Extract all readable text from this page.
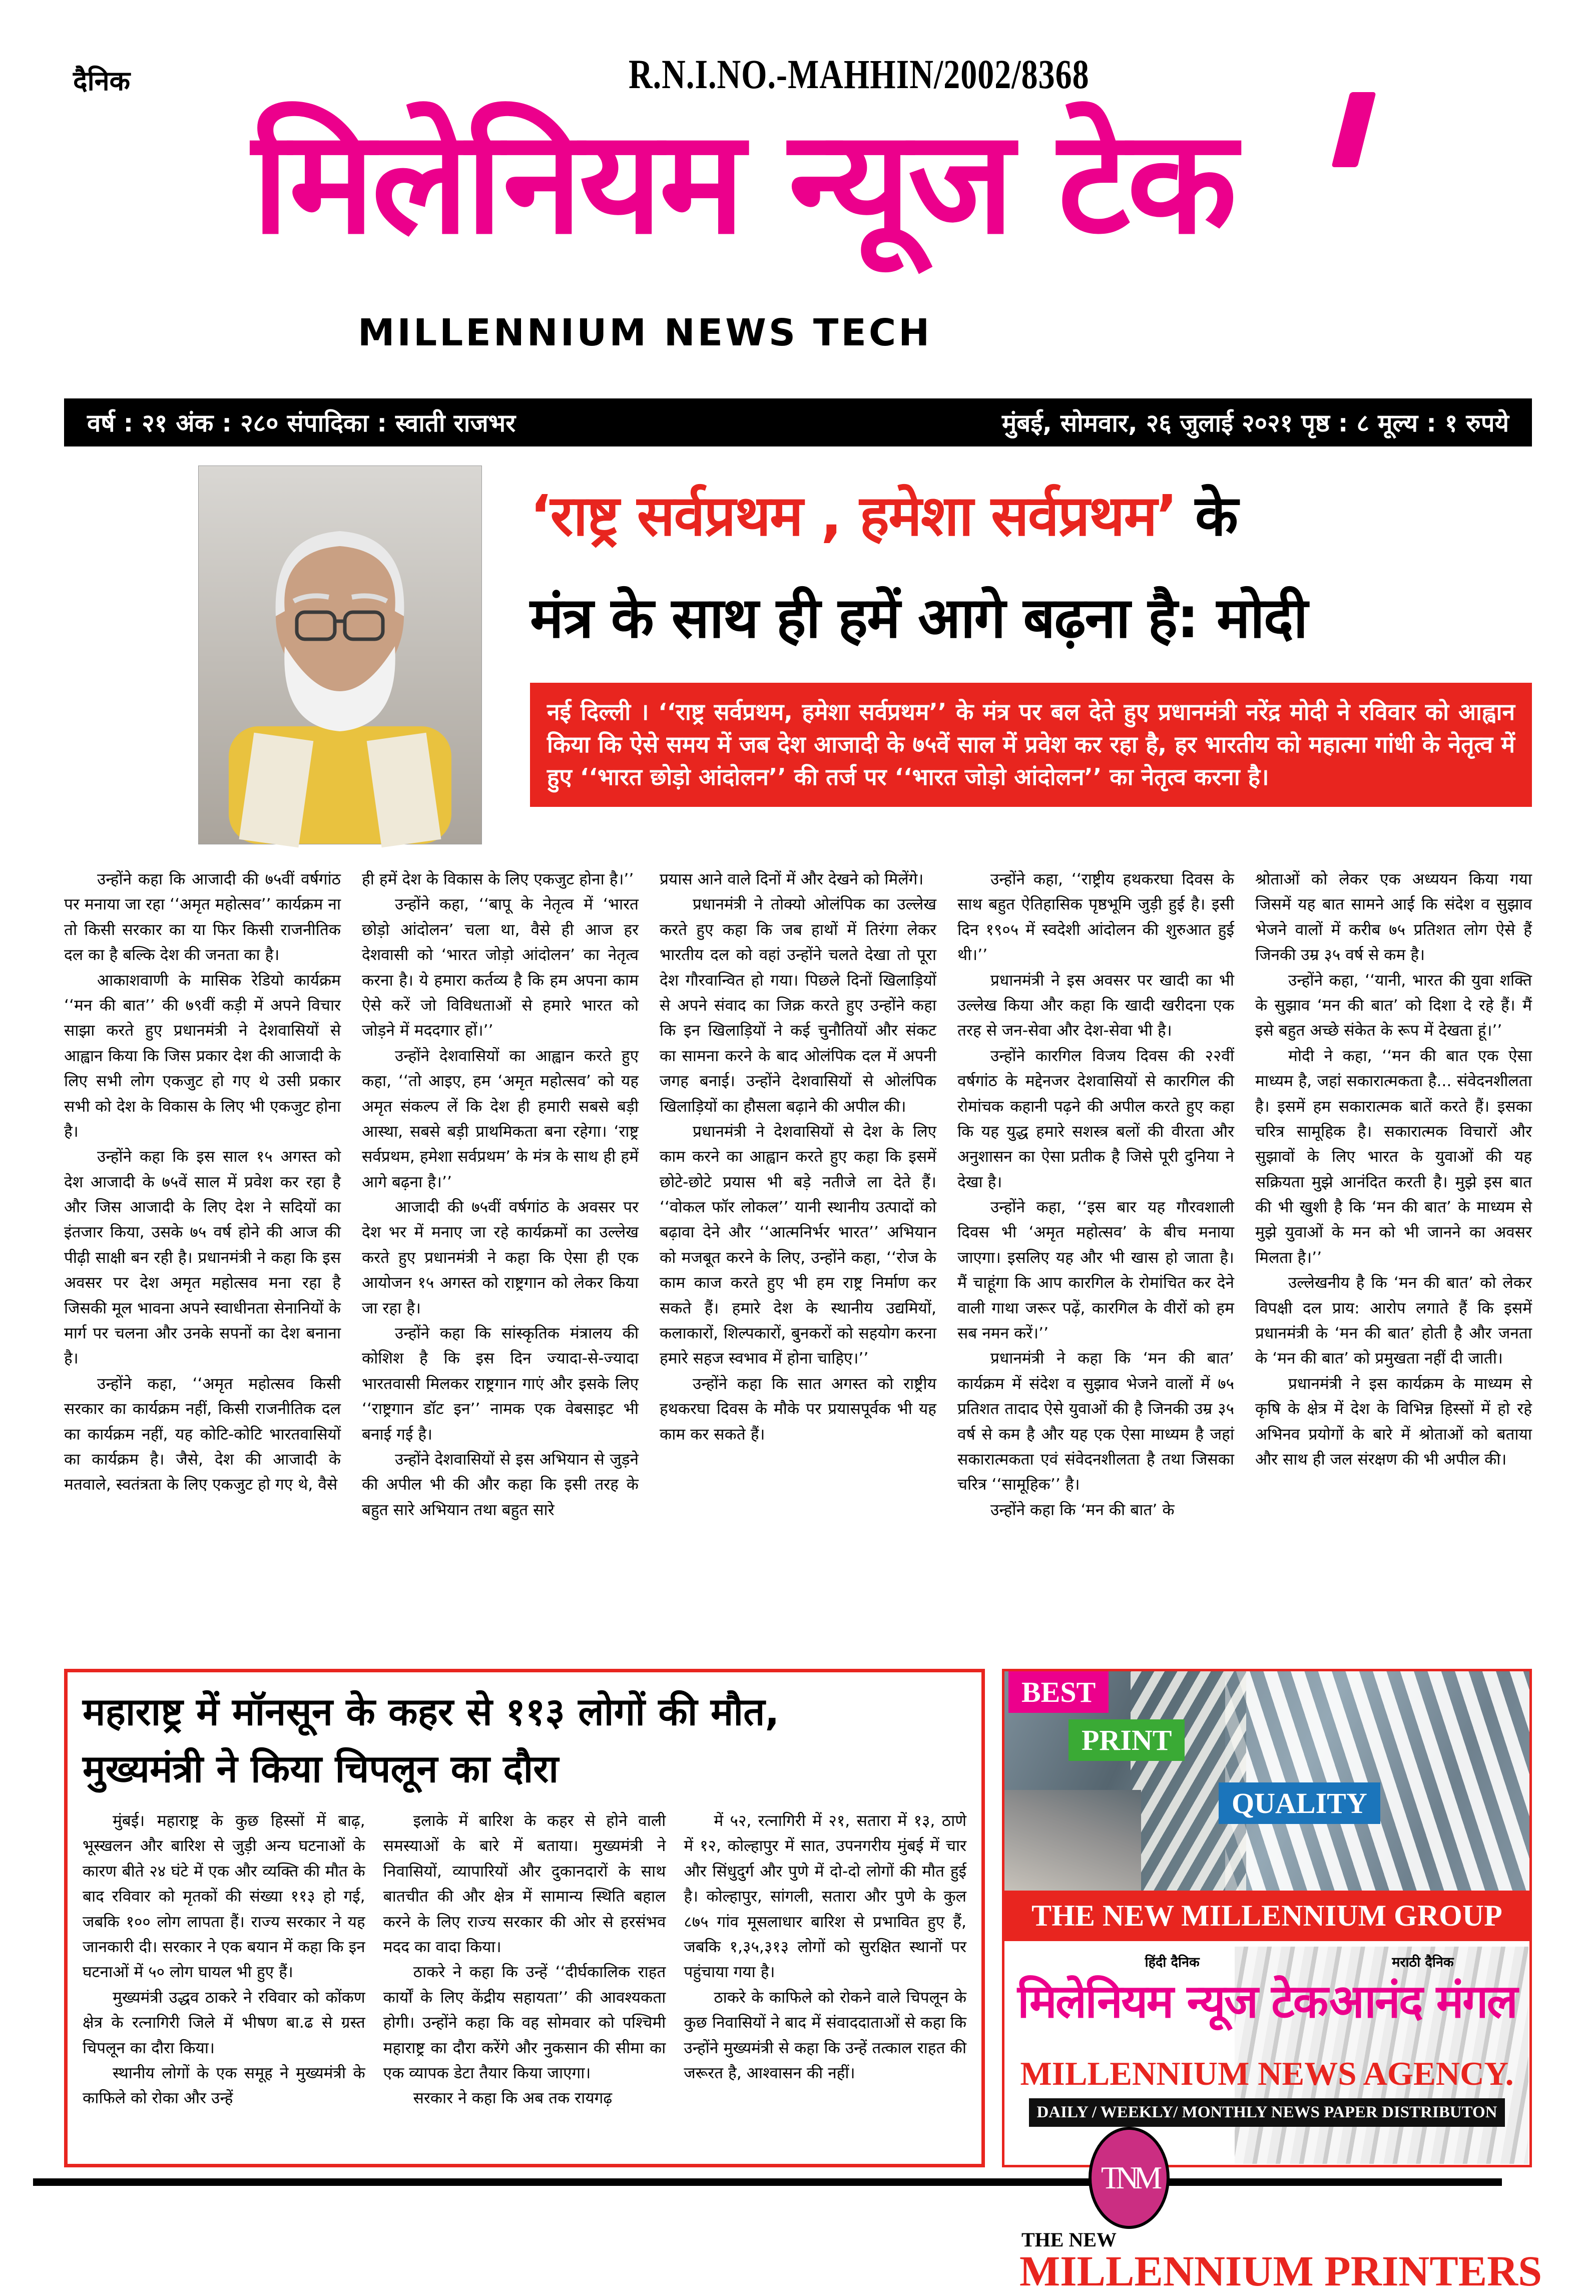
दैनिक	R.N.I.NO.-MAHHIN/2002/8368
मिलेनियम न्यूज टेक
MILLENNIUM NEWS TECH
वर्ष : २१ अंक : २८० संपादिका : स्वाती राजभर	मुंबई, सोमवार, २६ जुलाई २०२१ पृष्ठ : ८ मूल्य : १ रुपये
‘राष्ट्र सर्वप्रथम , हमेशा सर्वप्रथम’ के
मंत्र के साथ ही हमें आगे बढ़ना है: मोदी
नई दिल्ली । ‘‘राष्ट्र सर्वप्रथम, हमेशा सर्वप्रथम’’ के मंत्र पर बल देते हुए प्रधानमंत्री नरेंद्र मोदी ने रविवार को आह्वान किया कि ऐसे समय में जब देश आजादी के ७५वें साल में प्रवेश कर रहा है, हर भारतीय को महात्मा गांधी के नेतृत्व में हुए ‘‘भारत छोड़ो आंदोलन’’ की तर्ज पर ‘‘भारत जोड़ो आंदोलन’’ का नेतृत्व करना है।

उन्होंने कहा कि आजादी की ७५वीं वर्षगांठ पर मनाया जा रहा ‘‘अमृत महोत्सव’’ कार्यक्रम ना तो किसी सरकार का या फिर किसी राजनीतिक दल का है बल्कि देश की जनता का है।

आकाशवाणी के मासिक रेडियो कार्यक्रम ‘‘मन की बात’’ की ७९वीं कड़ी में अपने विचार साझा करते हुए प्रधानमंत्री ने देशवासियों से आह्वान किया कि जिस प्रकार देश की आजादी के लिए सभी लोग एकजुट हो गए थे उसी प्रकार सभी को देश के विकास के लिए भी एकजुट होना है।

उन्होंने कहा कि इस साल १५ अगस्त को देश आजादी के ७५वें साल में प्रवेश कर रहा है और जिस आजादी के लिए देश ने सदियों का इंतजार किया, उसके ७५ वर्ष होने की आज की पीढ़ी साक्षी बन रही है। प्रधानमंत्री ने कहा कि इस अवसर पर देश अमृत महोत्सव मना रहा है जिसकी मूल भावना अपने स्वाधीनता सेनानियों के मार्ग पर चलना और उनके सपनों का देश बनाना है।

उन्होंने कहा, ‘‘अमृत महोत्सव किसी सरकार का कार्यक्रम नहीं, किसी राजनीतिक दल का कार्यक्रम नहीं, यह कोटि-कोटि भारतवासियों का कार्यक्रम है। जैसे, देश की आजादी के मतवाले, स्वतंत्रता के लिए एकजुट हो गए थे, वैसे

ही हमें देश के विकास के लिए एकजुट होना है।’’

उन्होंने कहा, ‘‘बापू के नेतृत्व में ‘भारत छोड़ो आंदोलन’ चला था, वैसे ही आज हर देशवासी को ‘भारत जोड़ो आंदोलन’ का नेतृत्व करना है। ये हमारा कर्तव्य है कि हम अपना काम ऐसे करें जो विविधताओं से हमारे भारत को जोड़ने में मददगार हों।’’

उन्होंने देशवासियों का आह्वान करते हुए कहा, ‘‘तो आइए, हम ‘अमृत महोत्सव’ को यह अमृत संकल्प लें कि देश ही हमारी सबसे बड़ी आस्था, सबसे बड़ी प्राथमिकता बना रहेगा। ‘राष्ट्र सर्वप्रथम, हमेशा सर्वप्रथम’ के मंत्र के साथ ही हमें आगे बढ़ना है।’’

आजादी की ७५वीं वर्षगांठ के अवसर पर देश भर में मनाए जा रहे कार्यक्रमों का उल्लेख करते हुए प्रधानमंत्री ने कहा कि ऐसा ही एक आयोजन १५ अगस्त को राष्ट्रगान को लेकर किया जा रहा है।

उन्होंने कहा कि सांस्कृतिक मंत्रालय की कोशिश है कि इस दिन ज्यादा-से-ज्यादा भारतवासी मिलकर राष्ट्रगान गाएं और इसके लिए ‘‘राष्ट्रगान डॉट इन’’ नामक एक वेबसाइट भी बनाई गई है।

उन्होंने देशवासियों से इस अभियान से जुड़ने की अपील भी की और कहा कि इसी तरह के बहुत सारे अभियान तथा बहुत सारे

प्रयास आने वाले दिनों में और देखने को मिलेंगे।

प्रधानमंत्री ने तोक्यो ओलंपिक का उल्लेख करते हुए कहा कि जब हाथों में तिरंगा लेकर भारतीय दल को वहां उन्होंने चलते देखा तो पूरा देश गौरवान्वित हो गया। पिछले दिनों खिलाड़ियों से अपने संवाद का जिक्र करते हुए उन्होंने कहा कि इन खिलाड़ियों ने कई चुनौतियों और संकट का सामना करने के बाद ओलंपिक दल में अपनी जगह बनाई। उन्होंने देशवासियों से ओलंपिक खिलाड़ियों का हौसला बढ़ाने की अपील की।

प्रधानमंत्री ने देशवासियों से देश के लिए काम करने का आह्वान करते हुए कहा कि इसमें छोटे-छोटे प्रयास भी बड़े नतीजे ला देते हैं। ‘‘वोकल फॉर लोकल’’ यानी स्थानीय उत्पादों को बढ़ावा देने और ‘‘आत्मनिर्भर भारत’’ अभियान को मजबूत करने के लिए, उन्होंने कहा, ‘‘रोज के काम काज करते हुए भी हम राष्ट्र निर्माण कर सकते हैं। हमारे देश के स्थानीय उद्यमियों, कलाकारों, शिल्पकारों, बुनकरों को सहयोग करना हमारे सहज स्वभाव में होना चाहिए।’’

उन्होंने कहा कि सात अगस्त को राष्ट्रीय हथकरघा दिवस के मौके पर प्रयासपूर्वक भी यह काम कर सकते हैं।

उन्होंने कहा, ‘‘राष्ट्रीय हथकरघा दिवस के साथ बहुत ऐतिहासिक पृष्ठभूमि जुड़ी हुई है। इसी दिन १९०५ में स्वदेशी आंदोलन की शुरुआत हुई थी।’’

प्रधानमंत्री ने इस अवसर पर खादी का भी उल्लेख किया और कहा कि खादी खरीदना एक तरह से जन-सेवा और देश-सेवा भी है।

उन्होंने कारगिल विजय दिवस की २२वीं वर्षगांठ के मद्देनजर देशवासियों से कारगिल की रोमांचक कहानी पढ़ने की अपील करते हुए कहा कि यह युद्ध हमारे सशस्त्र बलों की वीरता और अनुशासन का ऐसा प्रतीक है जिसे पूरी दुनिया ने देखा है।

उन्होंने कहा, ‘‘इस बार यह गौरवशाली दिवस भी ‘अमृत महोत्सव’ के बीच मनाया जाएगा। इसलिए यह और भी खास हो जाता है। मैं चाहूंगा कि आप कारगिल के रोमांचित कर देने वाली गाथा जरूर पढ़ें, कारगिल के वीरों को हम सब नमन करें।’’

प्रधानमंत्री ने कहा कि ‘मन की बात’ कार्यक्रम में संदेश व सुझाव भेजने वालों में ७५ प्रतिशत तादाद ऐसे युवाओं की है जिनकी उम्र ३५ वर्ष से कम है और यह एक ऐसा माध्यम है जहां सकारात्मकता एवं संवेदनशीलता है तथा जिसका चरित्र ‘‘सामूहिक’’ है।

उन्होंने कहा कि ‘मन की बात’ के

श्रोताओं को लेकर एक अध्ययन किया गया जिसमें यह बात सामने आई कि संदेश व सुझाव भेजने वालों में करीब ७५ प्रतिशत लोग ऐसे हैं जिनकी उम्र ३५ वर्ष से कम है।

उन्होंने कहा, ‘‘यानी, भारत की युवा शक्ति के सुझाव ‘मन की बात’ को दिशा दे रहे हैं। मैं इसे बहुत अच्छे संकेत के रूप में देखता हूं।’’

मोदी ने कहा, ‘‘मन की बात एक ऐसा माध्यम है, जहां सकारात्मकता है... संवेदनशीलता है। इसमें हम सकारात्मक बातें करते हैं। इसका चरित्र सामूहिक है। सकारात्मक विचारों और सुझावों के लिए भारत के युवाओं की यह सक्रियता मुझे आनंदित करती है। मुझे इस बात की भी खुशी है कि ‘मन की बात’ के माध्यम से मुझे युवाओं के मन को भी जानने का अवसर मिलता है।’’

उल्लेखनीय है कि ‘मन की बात’ को लेकर विपक्षी दल प्राय: आरोप लगाते हैं कि इसमें प्रधानमंत्री के ‘मन की बात’ होती है और जनता के ‘मन की बात’ को प्रमुखता नहीं दी जाती।

प्रधानमंत्री ने इस कार्यक्रम के माध्यम से कृषि के क्षेत्र में देश के विभिन्न हिस्सों में हो रहे अभिनव प्रयोगों के बारे में श्रोताओं को बताया और साथ ही जल संरक्षण की भी अपील की।

महाराष्ट्र में मॉनसून के कहर से ११३ लोगों की मौत,
मुख्यमंत्री ने किया चिपलून का दौरा

मुंबई। महाराष्ट्र के कुछ हिस्सों में बाढ़, भूस्खलन और बारिश से जुड़ी अन्य घटनाओं के कारण बीते २४ घंटे में एक और व्यक्ति की मौत के बाद रविवार को मृतकों की संख्या ११३ हो गई, जबकि १०० लोग लापता हैं। राज्य सरकार ने यह जानकारी दी। सरकार ने एक बयान में कहा कि इन घटनाओं में ५० लोग घायल भी हुए हैं।

मुख्यमंत्री उद्धव ठाकरे ने रविवार को कोंकण क्षेत्र के रत्नागिरी जिले में भीषण बा.ढ से ग्रस्त चिपलून का दौरा किया।

स्थानीय लोगों के एक समूह ने मुख्यमंत्री के काफिले को रोका और उन्हें

इलाके में बारिश के कहर से होने वाली समस्याओं के बारे में बताया। मुख्यमंत्री ने निवासियों, व्यापारियों और दुकानदारों के साथ बातचीत की और क्षेत्र में सामान्य स्थिति बहाल करने के लिए राज्य सरकार की ओर से हरसंभव मदद का वादा किया।

ठाकरे ने कहा कि उन्हें ‘‘दीर्घकालिक राहत कार्यों के लिए केंद्रीय सहायता’’ की आवश्यकता होगी। उन्होंने कहा कि वह सोमवार को पश्चिमी महाराष्ट्र का दौरा करेंगे और नुकसान की सीमा का एक व्यापक डेटा तैयार किया जाएगा।

सरकार ने कहा कि अब तक रायगढ़

में ५२, रत्नागिरी में २१, सतारा में १३, ठाणे में १२, कोल्हापुर में सात, उपनगरीय मुंबई में चार और सिंधुदुर्ग और पुणे में दो-दो लोगों की मौत हुई है। कोल्हापुर, सांगली, सतारा और पुणे के कुल ८७५ गांव मूसलाधार बारिश से प्रभावित हुए हैं, जबकि १,३५,३१३ लोगों को सुरक्षित स्थानों पर पहुंचाया गया है।

ठाकरे के काफिले को रोकने वाले चिपलून के कुछ निवासियों ने बाद में संवाददाताओं से कहा कि उन्होंने मुख्यमंत्री से कहा कि उन्हें तत्काल राहत की जरूरत है, आश्वासन की नहीं।

BEST
PRINT
QUALITY
THE NEW MILLENNIUM GROUP
हिंदी दैनिक
मिलेनियम न्यूज टेक
मराठी दैनिक
आनंद मंगल
MILLENNIUM NEWS AGENCY.
DAILY / WEEKLY/ MONTHLY NEWS PAPER DISTRIBUTON
TNM
THE NEW
MILLENNIUM PRINTERS
